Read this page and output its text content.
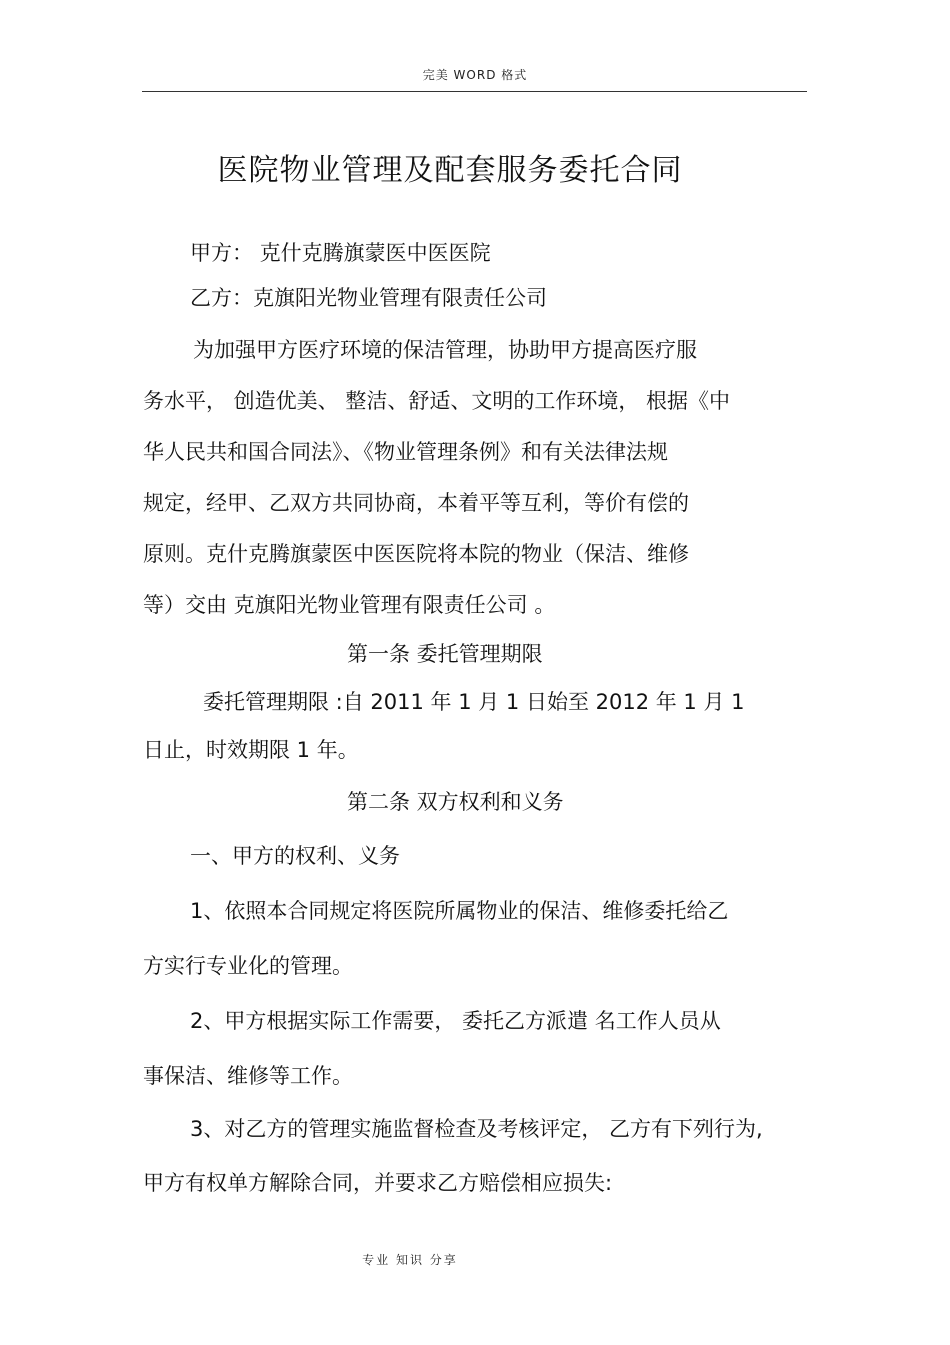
完美 WORD 格式
医院物业管理及配套服务委托合同
甲方： 克什克腾旗蒙医中医医院
乙方：克旗阳光物业管理有限责任公司
为加强甲方医疗环境的保洁管理，协助甲方提高医疗服
务水平， 创造优美、 整洁、舒适、文明的工作环境， 根据《中
华人民共和国合同法》、《物业管理条例》和有关法律法规
规定，经甲、乙双方共同协商，本着平等互利，等价有偿的
原则。克什克腾旗蒙医中医医院将本院的物业（保洁、维修
等）交由 克旗阳光物业管理有限责任公司 。
第一条 委托管理期限
委托管理期限 :自 2011 年 1 月 1 日始至 2012 年 1 月 1
日止，时效期限 1 年。
第二条 双方权利和义务
一、甲方的权利、义务
1、依照本合同规定将医院所属物业的保洁、维修委托给乙
方实行专业化的管理。
2、甲方根据实际工作需要， 委托乙方派遣 名工作人员从
事保洁、维修等工作。
3、对乙方的管理实施监督检查及考核评定， 乙方有下列行为,
甲方有权单方解除合同，并要求乙方赔偿相应损失:
专业 知识 分享
